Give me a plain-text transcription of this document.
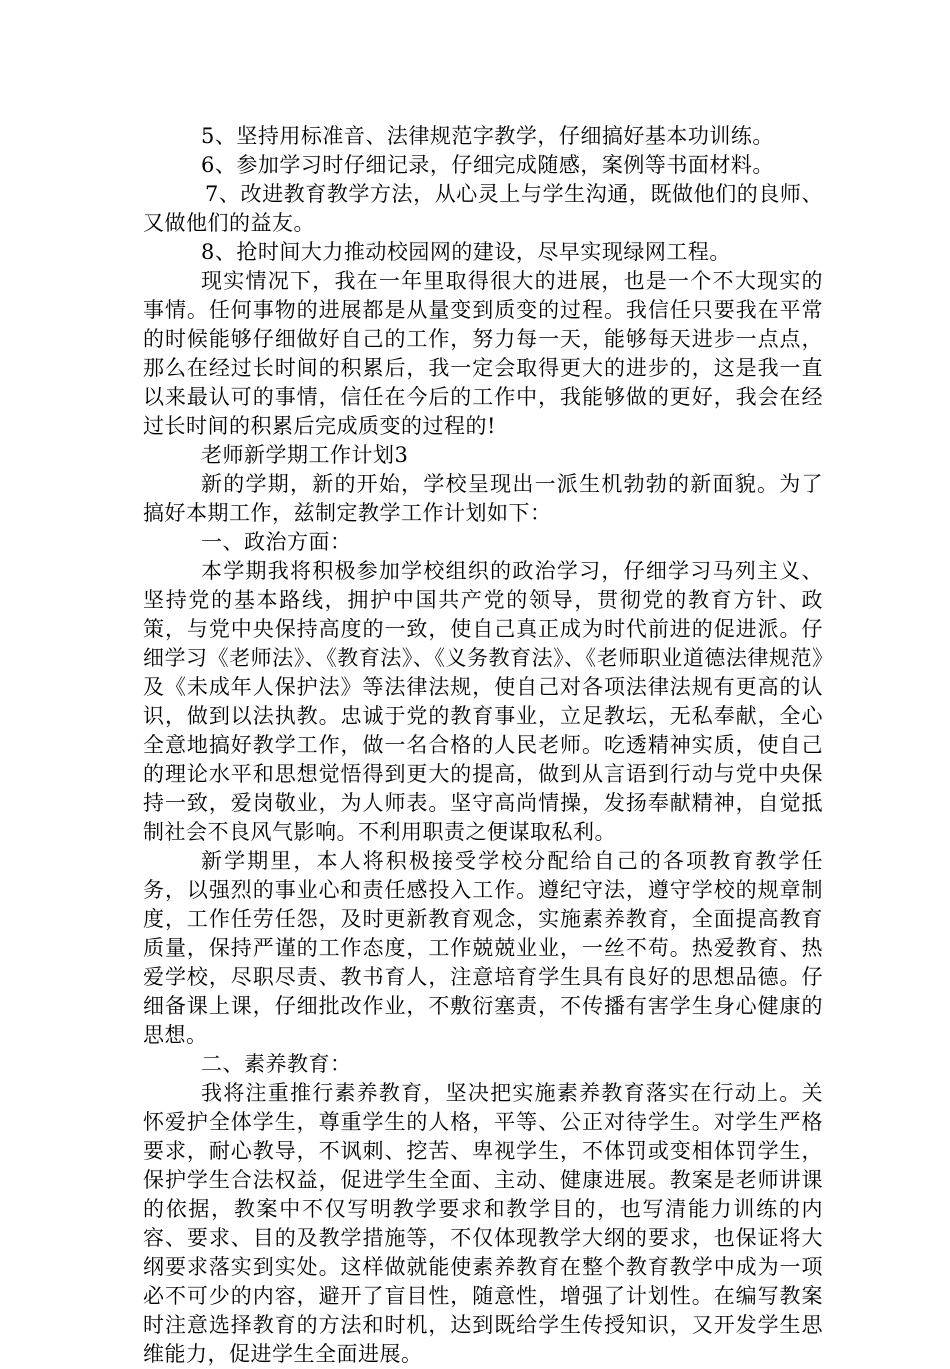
5、坚持用标准音、法律规范字教学，仔细搞好基本功训练。

6、参加学习时仔细记录，仔细完成随感，案例等书面材料。

7、改进教育教学方法，从心灵上与学生沟通，既做他们的良师、又做他们的益友。

8、抢时间大力推动校园网的建设，尽早实现绿网工程。

现实情况下，我在一年里取得很大的进展，也是一个不大现实的事情。任何事物的进展都是从量变到质变的过程。我信任只要我在平常的时候能够仔细做好自己的工作，努力每一天，能够每天进步一点点，那么在经过长时间的积累后，我一定会取得更大的进步的，这是我一直以来最认可的事情，信任在今后的工作中，我能够做的更好，我会在经过长时间的积累后完成质变的过程的!

老师新学期工作计划3

新的学期，新的开始，学校呈现出一派生机勃勃的新面貌。为了搞好本期工作，兹制定教学工作计划如下：

一、政治方面：

本学期我将积极参加学校组织的政治学习，仔细学习马列主义、坚持党的基本路线，拥护中国共产党的领导，贯彻党的教育方针、政策，与党中央保持高度的一致，使自己真正成为时代前进的促进派。仔细学习《老师法》、《教育法》、《义务教育法》、《老师职业道德法律规范》及《未成年人保护法》等法律法规，使自己对各项法律法规有更高的认识，做到以法执教。忠诚于党的教育事业，立足教坛，无私奉献，全心全意地搞好教学工作，做一名合格的人民老师。吃透精神实质，使自己的理论水平和思想觉悟得到更大的提高，做到从言语到行动与党中央保持一致，爱岗敬业，为人师表。坚守高尚情操，发扬奉献精神，自觉抵制社会不良风气影响。不利用职责之便谋取私利。

新学期里，本人将积极接受学校分配给自己的各项教育教学任务，以强烈的事业心和责任感投入工作。遵纪守法，遵守学校的规章制度，工作任劳任怨，及时更新教育观念，实施素养教育，全面提高教育质量，保持严谨的工作态度，工作兢兢业业，一丝不苟。热爱教育、热爱学校，尽职尽责、教书育人，注意培育学生具有良好的思想品德。仔细备课上课，仔细批改作业，不敷衍塞责，不传播有害学生身心健康的思想。

二、素养教育：

我将注重推行素养教育，坚决把实施素养教育落实在行动上。关怀爱护全体学生，尊重学生的人格，平等、公正对待学生。对学生严格要求，耐心教导，不讽刺、挖苦、卑视学生，不体罚或变相体罚学生，保护学生合法权益，促进学生全面、主动、健康进展。教案是老师讲课的依据，教案中不仅写明教学要求和教学目的，也写清能力训练的内容、要求、目的及教学措施等，不仅体现教学大纲的要求，也保证将大纲要求落实到实处。这样做就能使素养教育在整个教育教学中成为一项必不可少的内容，避开了盲目性，随意性，增强了计划性。在编写教案时注意选择教育的方法和时机，达到既给学生传授知识，又开发学生思维能力，促进学生全面进展。
